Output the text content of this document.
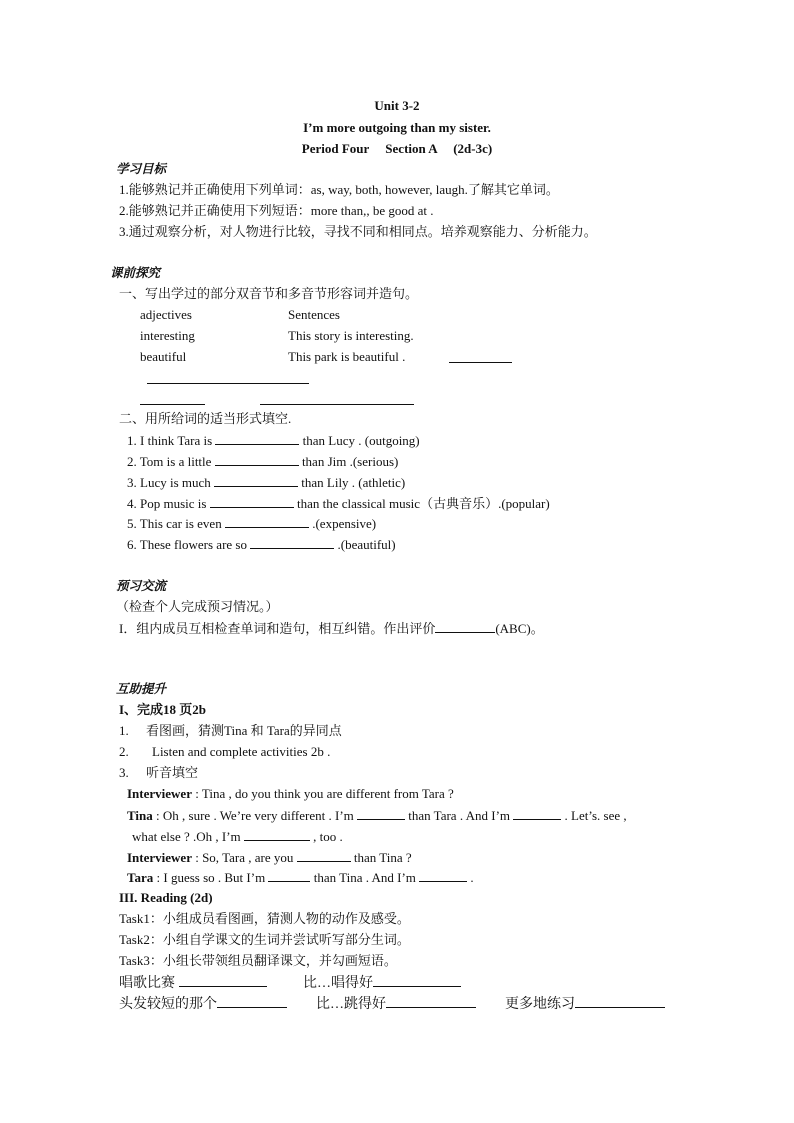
Unit 3-2
I’m more outgoing than my sister.
Period Four     Section A     (2d-3c)
学习目标
1.能够熟记并正确使用下列单词：as, way, both, however, laugh.了解其它单词。
2.能够熟记并正确使用下列短语：more than,, be good at .
3.通过观察分析，对人物进行比较，寻找不同和相同点。培养观察能力、分析能力。
课前探究
一、写出学过的部分双音节和多音节形容词并造句。
adjectives	Sentences
interesting	This story is interesting.
beautiful	This park is beautiful .
二、用所给词的适当形式填空.
1. I think Tara is	than Lucy . (outgoing)
2. Tom is a little	than Jim .(serious)
3. Lucy is much	than Lily . (athletic)
4. Pop music is	than the classical music（古典音乐）.(popular)
5. This car is even	.(expensive)
6. These flowers are so	.(beautiful)
预习交流
（检查个人完成预习情况。）
I．组内成员互相检查单词和造句，相互纠错。作出评价	(ABC)。
互助提升
I、完成18 页2b
1. 看图画，猜测Tina 和 Tara的异同点
2. Listen and complete activities 2b .
3. 听音填空
Interviewer : Tina , do you think you are different from Tara ?
Tina : Oh , sure . We’re very different . I’m	than Tara . And I’m	. Let’s. see ,
what else ? .Oh , I’m	, too .
Interviewer : So, Tara , are you	than Tina ?
Tara : I guess so . But I’m	than Tina . And I’m	.
III. Reading (2d)
Task1：小组成员看图画，猜测人物的动作及感受。
Task2：小组自学课文的生词并尝试听写部分生词。
Task3：小组长带领组员翻译课文，并勾画短语。
唱歌比赛	比…唱得好
头发较短的那个	比…跳得好	更多地练习
